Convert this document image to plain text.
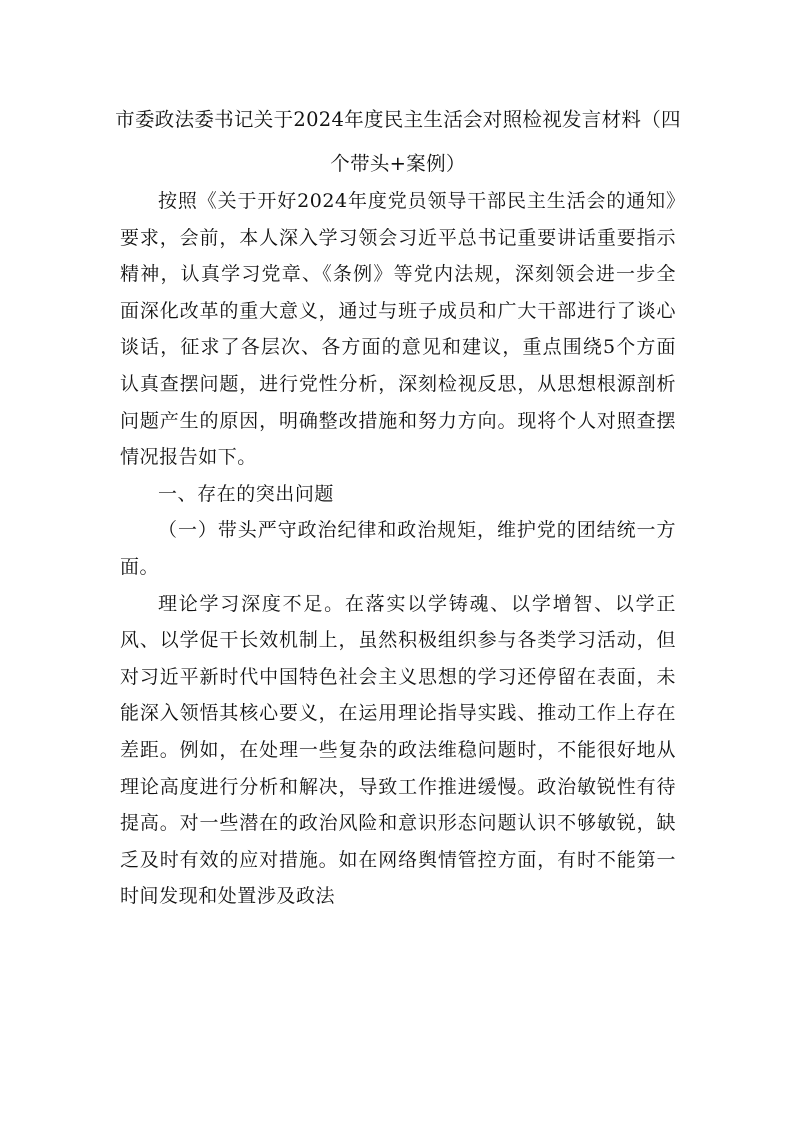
市委政法委书记关于2024年度民主生活会对照检视发言材料（四个带头+案例）

按照《关于开好2024年度党员领导干部民主生活会的通知》要求，会前，本人深入学习领会习近平总书记重要讲话重要指示精神，认真学习党章、《条例》等党内法规，深刻领会进一步全面深化改革的重大意义，通过与班子成员和广大干部进行了谈心谈话，征求了各层次、各方面的意见和建议，重点围绕5个方面认真查摆问题，进行党性分析，深刻检视反思，从思想根源剖析问题产生的原因，明确整改措施和努力方向。现将个人对照查摆情况报告如下。

一、存在的突出问题

（一）带头严守政治纪律和政治规矩，维护党的团结统一方面。

理论学习深度不足。在落实以学铸魂、以学增智、以学正风、以学促干长效机制上，虽然积极组织参与各类学习活动，但对习近平新时代中国特色社会主义思想的学习还停留在表面，未能深入领悟其核心要义，在运用理论指导实践、推动工作上存在差距。例如，在处理一些复杂的政法维稳问题时，不能很好地从理论高度进行分析和解决，导致工作推进缓慢。政治敏锐性有待提高。对一些潜在的政治风险和意识形态问题认识不够敏锐，缺乏及时有效的应对措施。如在网络舆情管控方面，有时不能第一时间发现和处置涉及政法
